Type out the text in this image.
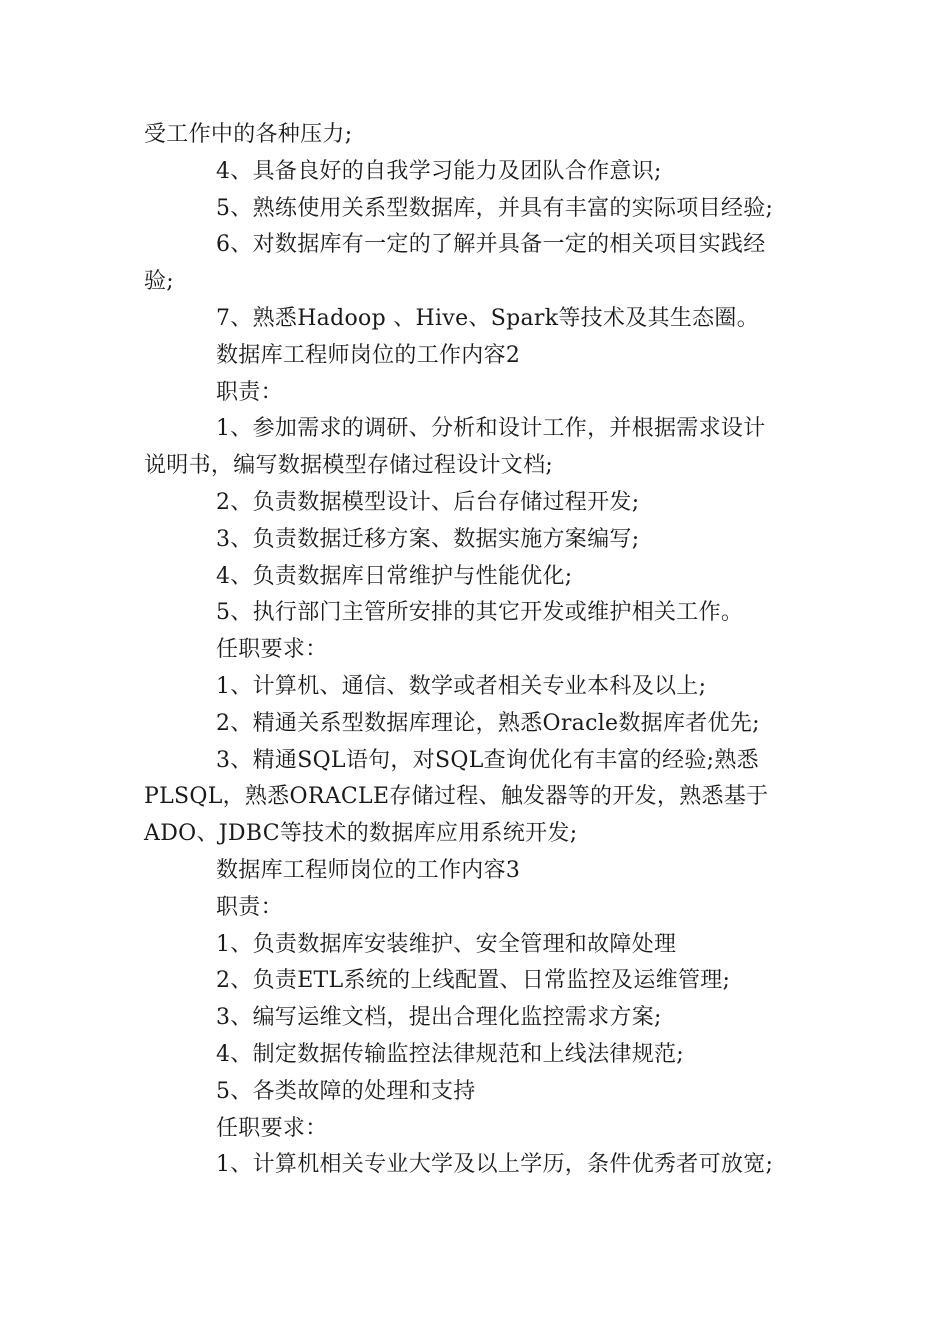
受工作中的各种压力;
4、具备良好的自我学习能力及团队合作意识;
5、熟练使用关系型数据库，并具有丰富的实际项目经验;
6、对数据库有一定的了解并具备一定的相关项目实践经
验;
7、熟悉Hadoop 、Hive、Spark等技术及其生态圈。
数据库工程师岗位的工作内容2
职责：
1、参加需求的调研、分析和设计工作，并根据需求设计
说明书，编写数据模型存储过程设计文档;
2、负责数据模型设计、后台存储过程开发;
3、负责数据迁移方案、数据实施方案编写;
4、负责数据库日常维护与性能优化;
5、执行部门主管所安排的其它开发或维护相关工作。
任职要求：
1、计算机、通信、数学或者相关专业本科及以上;
2、精通关系型数据库理论，熟悉Oracle数据库者优先;
3、精通SQL语句，对SQL查询优化有丰富的经验;熟悉
PLSQL，熟悉ORACLE存储过程、触发器等的开发，熟悉基于
ADO、JDBC等技术的数据库应用系统开发;
数据库工程师岗位的工作内容3
职责：
1、负责数据库安装维护、安全管理和故障处理
2、负责ETL系统的上线配置、日常监控及运维管理;
3、编写运维文档，提出合理化监控需求方案;
4、制定数据传输监控法律规范和上线法律规范;
5、各类故障的处理和支持
任职要求：
1、计算机相关专业大学及以上学历，条件优秀者可放宽;
